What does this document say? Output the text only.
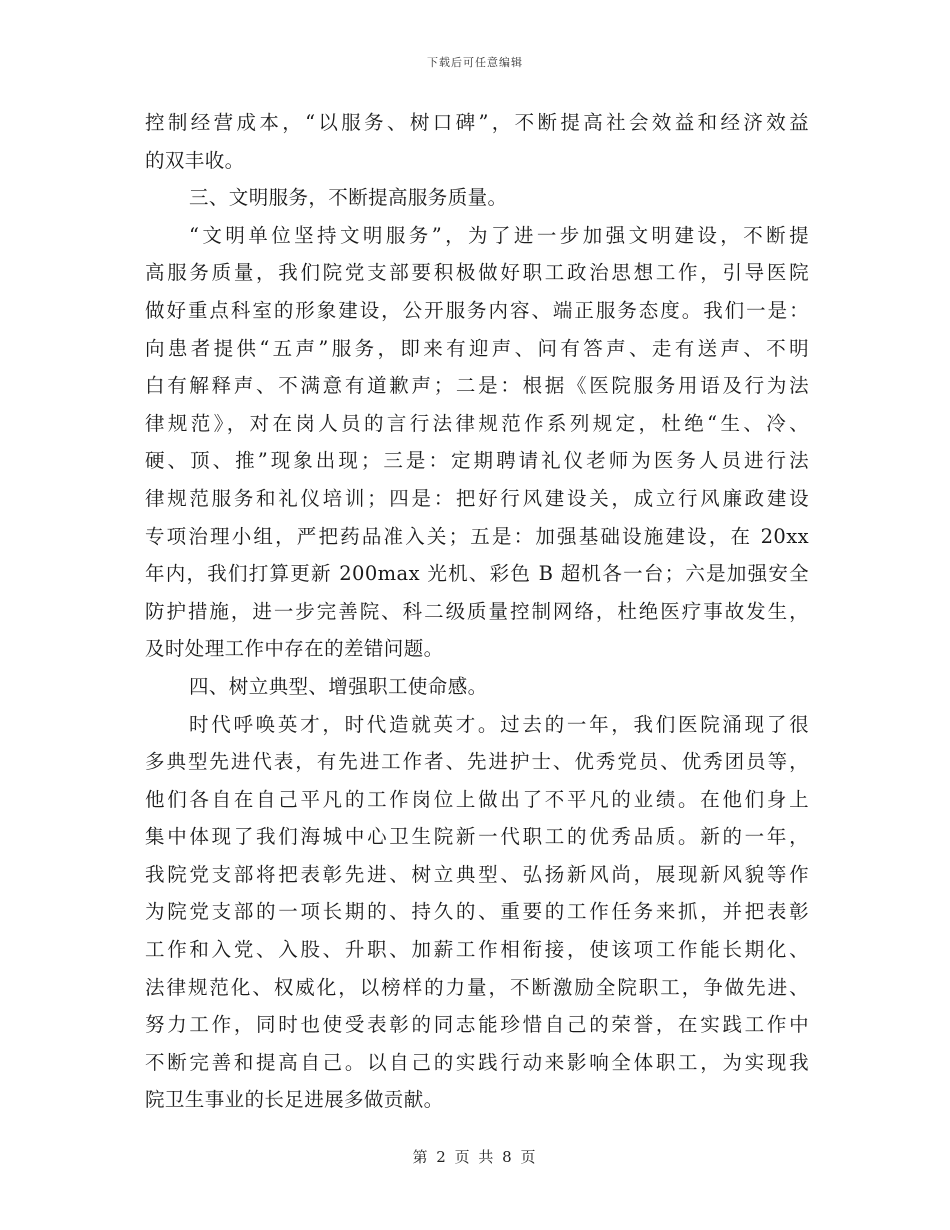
下载后可任意编辑
控制经营成本，“以服务、树口碑”，不断提高社会效益和经济效益
的双丰收。
三、文明服务，不断提高服务质量。
“文明单位坚持文明服务”，为了进一步加强文明建设，不断提
高服务质量，我们院党支部要积极做好职工政治思想工作，引导医院
做好重点科室的形象建设，公开服务内容、端正服务态度。我们一是：
向患者提供“五声”服务，即来有迎声、问有答声、走有送声、不明
白有解释声、不满意有道歉声；二是：根据《医院服务用语及行为法
律规范》，对在岗人员的言行法律规范作系列规定，杜绝“生、冷、
硬、顶、推”现象出现；三是：定期聘请礼仪老师为医务人员进行法
律规范服务和礼仪培训；四是：把好行风建设关，成立行风廉政建设
专项治理小组，严把药品准入关；五是：加强基础设施建设，在 20xx
年内，我们打算更新 200max 光机、彩色 B 超机各一台；六是加强安全
防护措施，进一步完善院、科二级质量控制网络，杜绝医疗事故发生，
及时处理工作中存在的差错问题。
四、树立典型、增强职工使命感。
时代呼唤英才，时代造就英才。过去的一年，我们医院涌现了很
多典型先进代表，有先进工作者、先进护士、优秀党员、优秀团员等，
他们各自在自己平凡的工作岗位上做出了不平凡的业绩。在他们身上
集中体现了我们海城中心卫生院新一代职工的优秀品质。新的一年，
我院党支部将把表彰先进、树立典型、弘扬新风尚，展现新风貌等作
为院党支部的一项长期的、持久的、重要的工作任务来抓，并把表彰
工作和入党、入股、升职、加薪工作相衔接，使该项工作能长期化、
法律规范化、权威化，以榜样的力量，不断激励全院职工，争做先进、
努力工作，同时也使受表彰的同志能珍惜自己的荣誉，在实践工作中
不断完善和提高自己。以自己的实践行动来影响全体职工，为实现我
院卫生事业的长足进展多做贡献。
第 2 页 共 8 页
